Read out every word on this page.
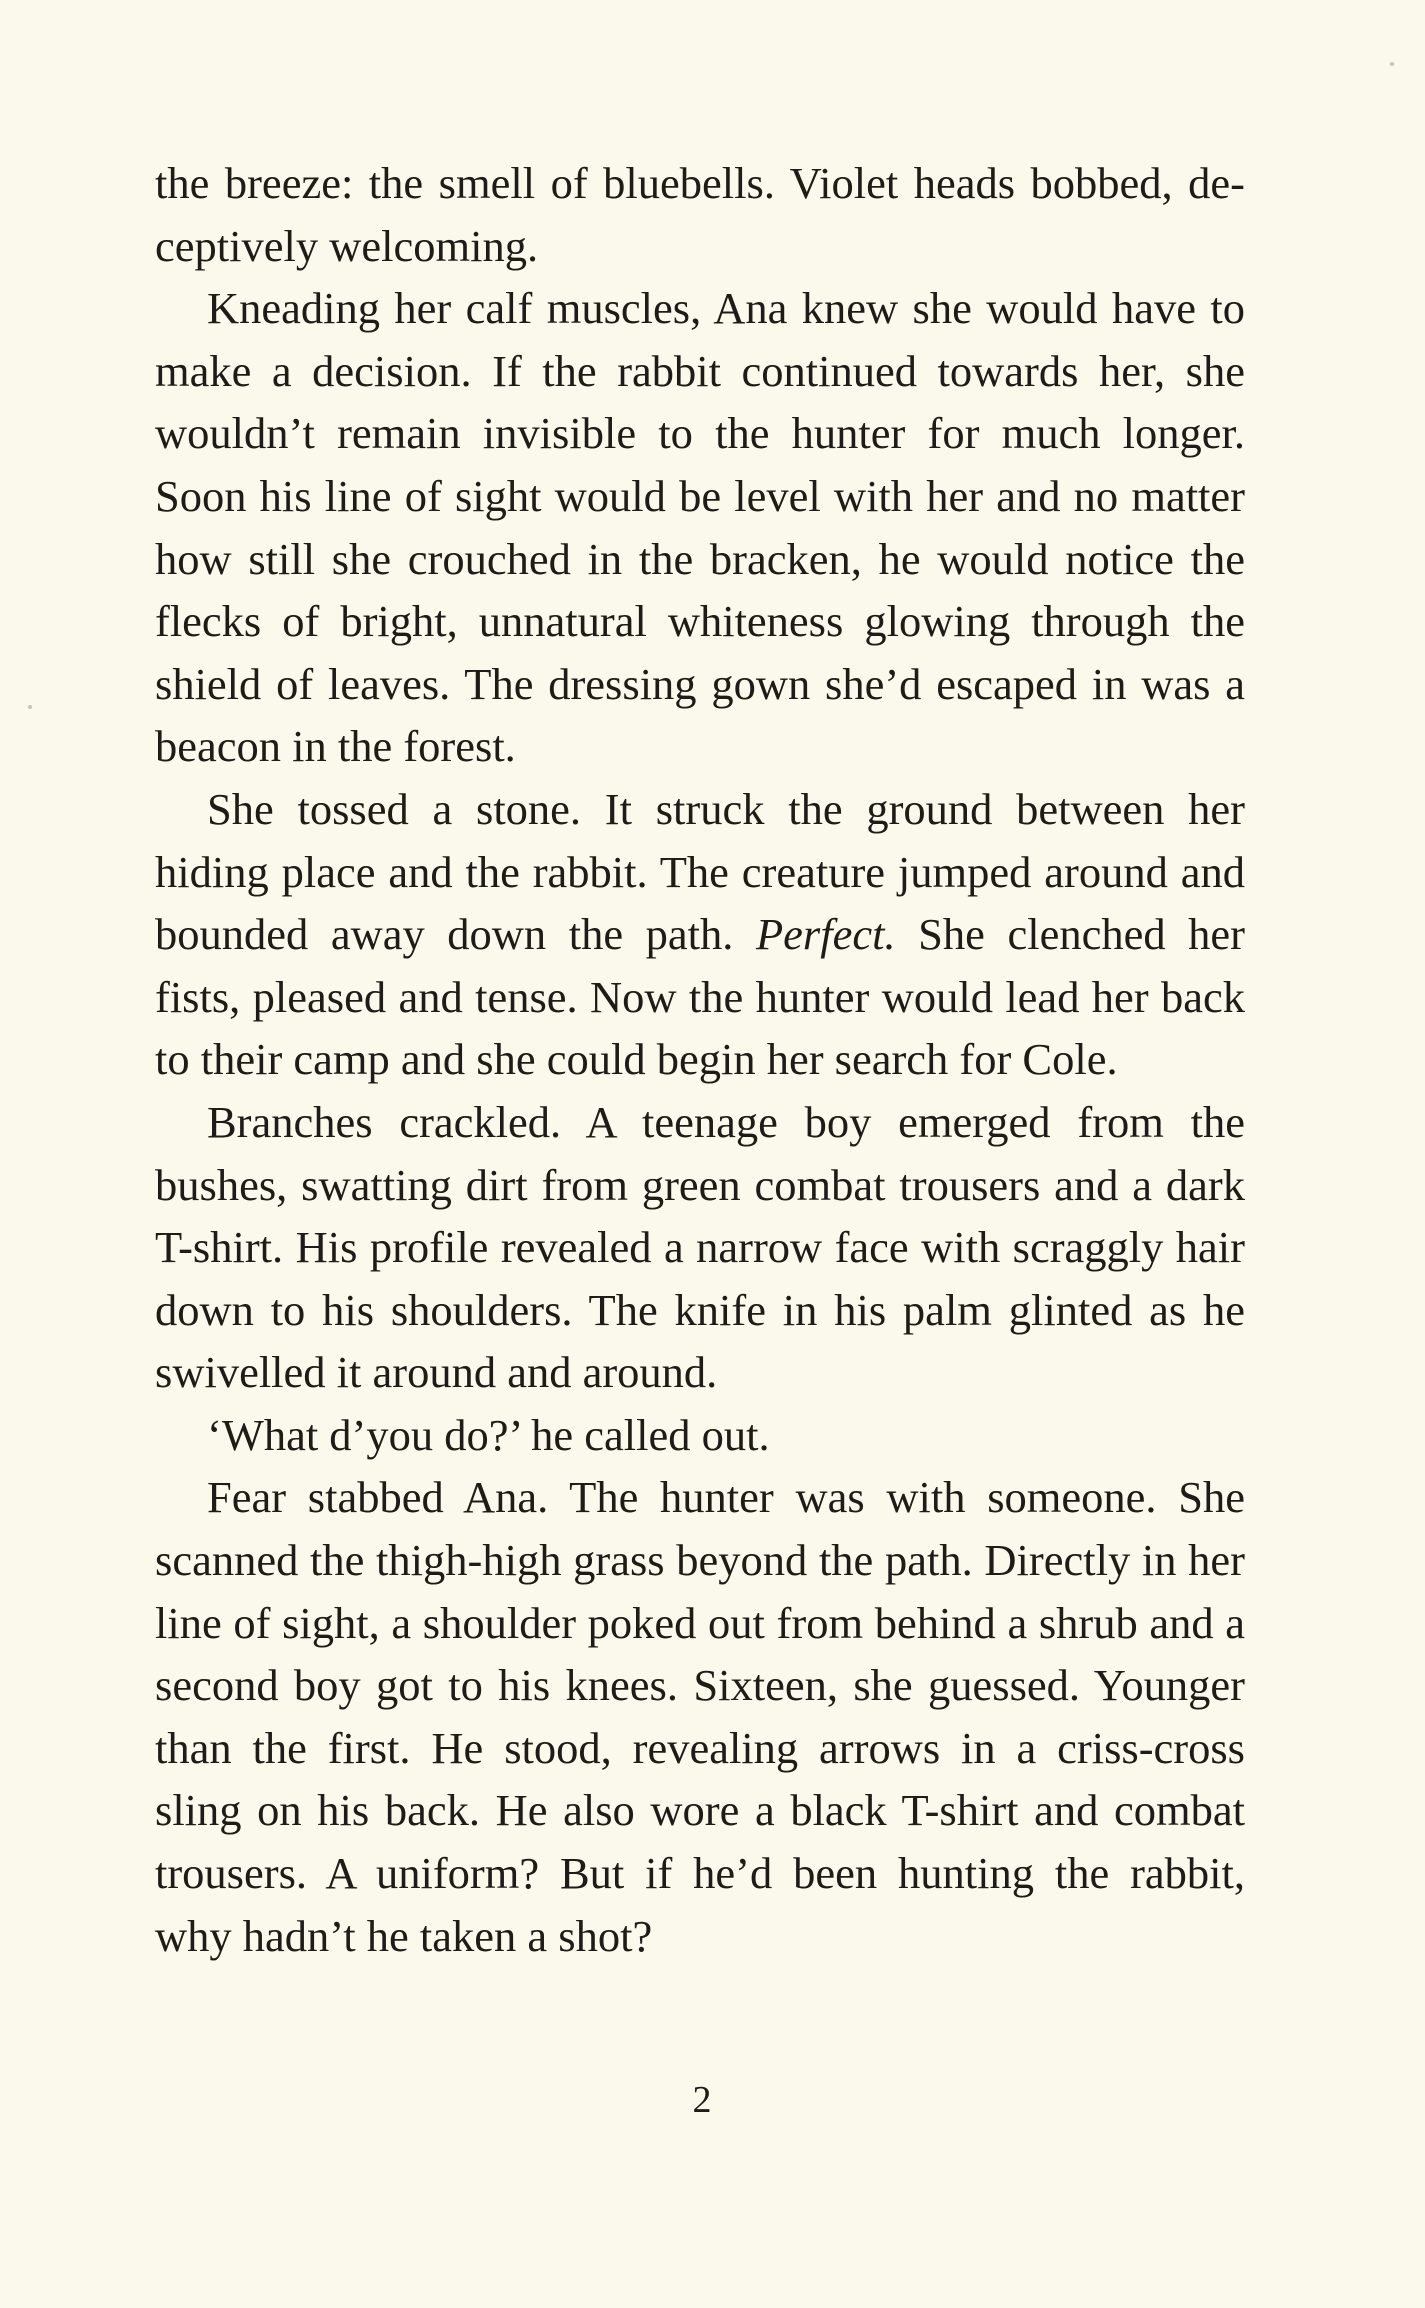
the breeze: the smell of bluebells. Violet heads bobbed, deceptively welcoming.

Kneading her calf muscles, Ana knew she would have to make a decision. If the rabbit continued towards her, she wouldn’t remain invisible to the hunter for much longer. Soon his line of sight would be level with her and no matter how still she crouched in the bracken, he would notice the flecks of bright, unnatural whiteness glowing through the shield of leaves. The dressing gown she’d escaped in was a beacon in the forest.

She tossed a stone. It struck the ground between her hiding place and the rabbit. The creature jumped around and bounded away down the path. Perfect. She clenched her fists, pleased and tense. Now the hunter would lead her back to their camp and she could begin her search for Cole.

Branches crackled. A teenage boy emerged from the bushes, swatting dirt from green combat trousers and a dark T-shirt. His profile revealed a narrow face with scraggly hair down to his shoulders. The knife in his palm glinted as he swivelled it around and around.

‘What d’you do?’ he called out.

Fear stabbed Ana. The hunter was with someone. She scanned the thigh-high grass beyond the path. Directly in her line of sight, a shoulder poked out from behind a shrub and a second boy got to his knees. Sixteen, she guessed. Younger than the first. He stood, revealing arrows in a criss-cross sling on his back. He also wore a black T-shirt and combat trousers. A uniform? But if he’d been hunting the rabbit, why hadn’t he taken a shot?

2
